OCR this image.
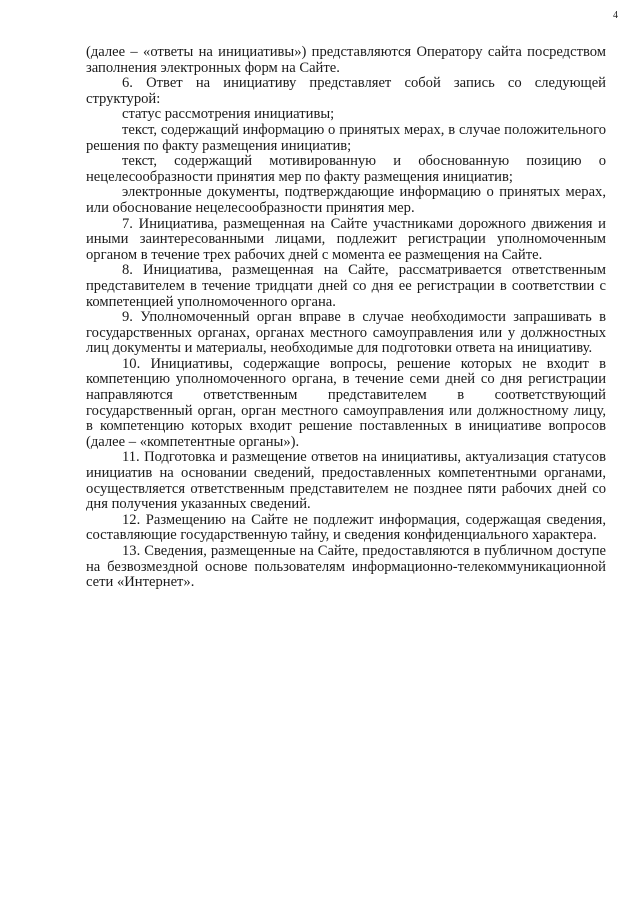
4

(далее – «ответы на инициативы») представляются Оператору сайта посредством заполнения электронных форм на Сайте.

6. Ответ на инициативу представляет собой запись со следующей структурой:

статус рассмотрения инициативы;

текст, содержащий информацию о принятых мерах, в случае положительного решения по факту размещения инициатив;

текст, содержащий мотивированную и обоснованную позицию о нецелесообразности принятия мер по факту размещения инициатив;

электронные документы, подтверждающие информацию о принятых мерах, или обоснование нецелесообразности принятия мер.

7. Инициатива, размещенная на Сайте участниками дорожного движения и иными заинтересованными лицами, подлежит регистрации уполномоченным органом в течение трех рабочих дней с момента ее размещения на Сайте.

8. Инициатива, размещенная на Сайте, рассматривается ответственным представителем в течение тридцати дней со дня ее регистрации в соответствии с компетенцией уполномоченного органа.

9. Уполномоченный орган вправе в случае необходимости запрашивать в государственных органах, органах местного самоуправления или у должностных лиц документы и материалы, необходимые для подготовки ответа на инициативу.

10. Инициативы, содержащие вопросы, решение которых не входит в компетенцию уполномоченного органа, в течение семи дней со дня регистрации направляются ответственным представителем в соответствующий государственный орган, орган местного самоуправления или должностному лицу, в компетенцию которых входит решение поставленных в инициативе вопросов (далее – «компетентные органы»).

11. Подготовка и размещение ответов на инициативы, актуализация статусов инициатив на основании сведений, предоставленных компетентными органами, осуществляется ответственным представителем не позднее пяти рабочих дней со дня получения указанных сведений.

12. Размещению на Сайте не подлежит информация, содержащая сведения, составляющие государственную тайну, и сведения конфиденциального характера.

13. Сведения, размещенные на Сайте, предоставляются в публичном доступе на безвозмездной основе пользователям информационно-телекоммуникационной сети «Интернет».
